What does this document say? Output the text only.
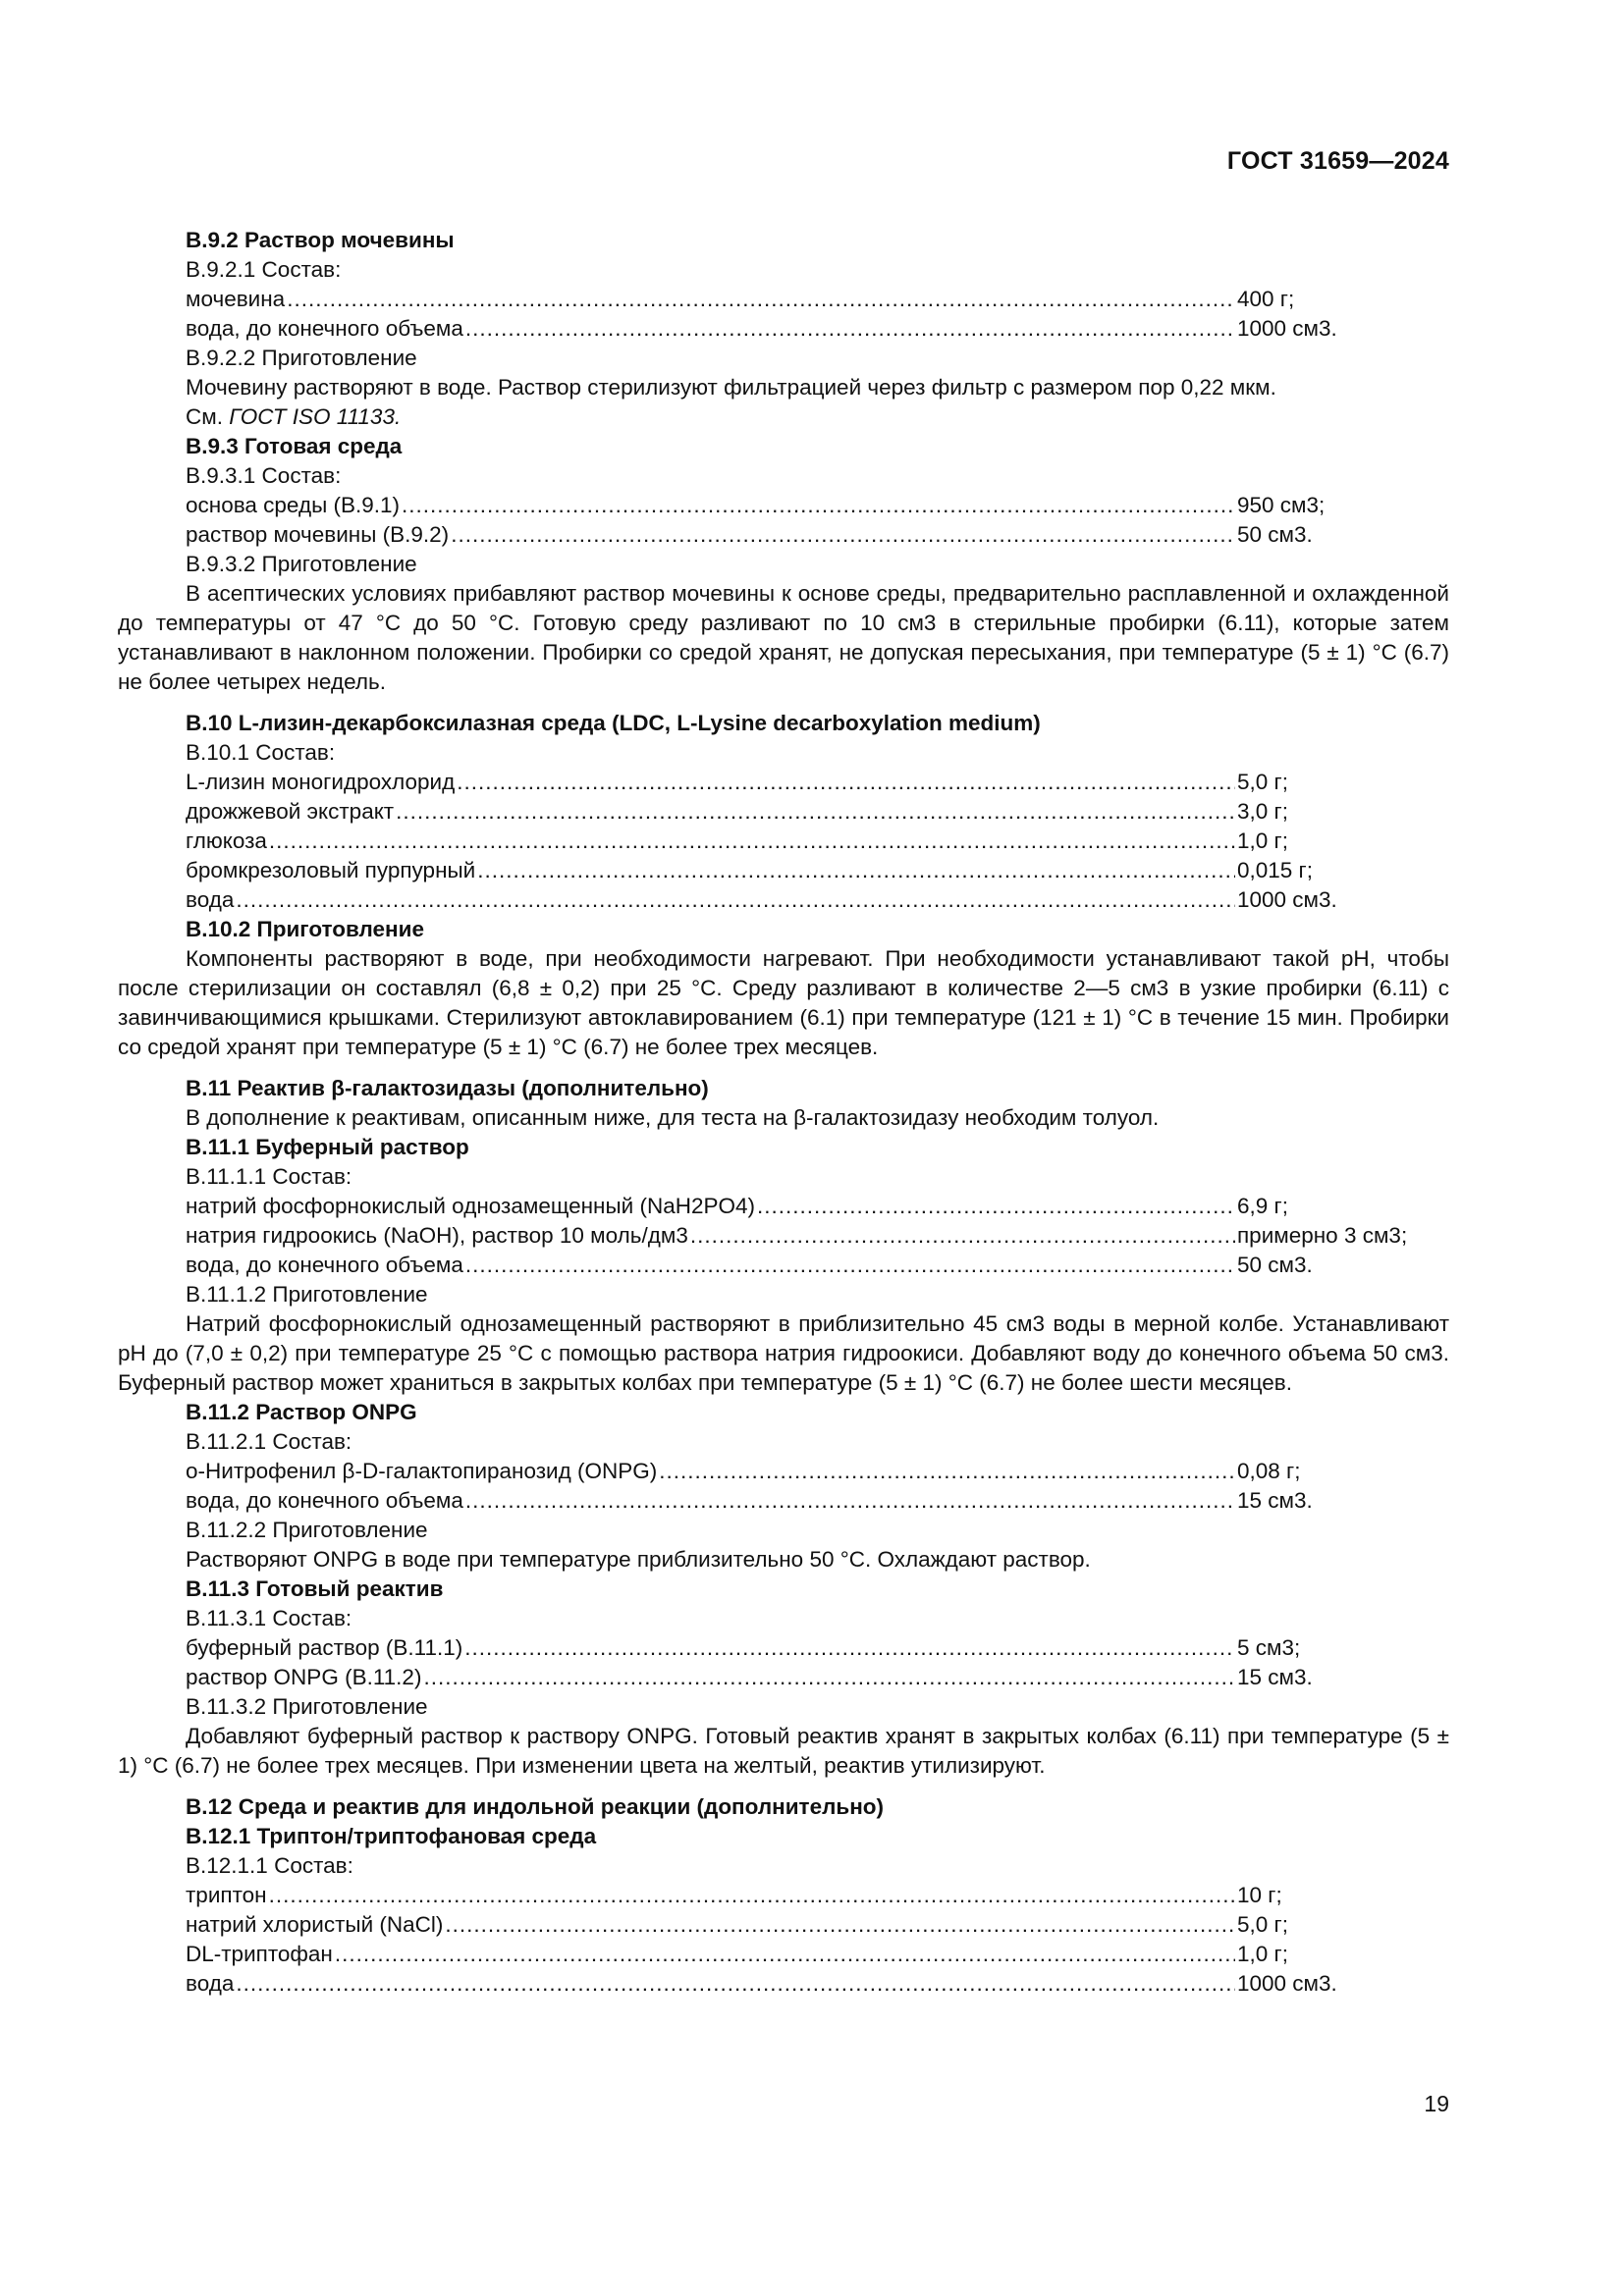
ГОСТ 31659—2024
B.9.2 Раствор мочевины
B.9.2.1 Состав:
мочевина .....	400 г;
вода, до конечного объема .....	1000 см3.
B.9.2.2 Приготовление
Мочевину растворяют в воде. Раствор стерилизуют фильтрацией через фильтр с размером пор 0,22 мкм.
См. ГОСТ ISO 11133.
B.9.3 Готовая среда
B.9.3.1 Состав:
основа среды (B.9.1) .....	950 см3;
раствор мочевины (B.9.2) .....	50 см3.
B.9.3.2 Приготовление
В асептических условиях прибавляют раствор мочевины к основе среды, предварительно расплавленной и охлажденной до температуры от 47 °С до 50 °С. Готовую среду разливают по 10 см3 в стерильные пробирки (6.11), которые затем устанавливают в наклонном положении. Пробирки со средой хранят, не допуская пересыхания, при температуре (5 ± 1) °С (6.7) не более четырех недель.
B.10 L-лизин-декарбоксилазная среда (LDC, L-Lysine decarboxylation medium)
B.10.1 Состав:
L-лизин моногидрохлорид .....	5,0 г;
дрожжевой экстракт .....	3,0 г;
глюкоза .....	1,0 г;
бромкрезоловый пурпурный .....	0,015 г;
вода .....	1000 см3.
B.10.2 Приготовление
Компоненты растворяют в воде, при необходимости нагревают. При необходимости устанавливают такой pH, чтобы после стерилизации он составлял (6,8 ± 0,2) при 25 °С. Среду разливают в количестве 2—5 см3 в узкие пробирки (6.11) с завинчивающимися крышками. Стерилизуют автоклавированием (6.1) при температуре (121 ± 1) °С в течение 15 мин. Пробирки со средой хранят при температуре (5 ± 1) °С (6.7) не более трех месяцев.
B.11 Реактив β-галактозидазы (дополнительно)
В дополнение к реактивам, описанным ниже, для теста на β-галактозидазу необходим толуол.
B.11.1 Буферный раствор
B.11.1.1 Состав:
натрий фосфорнокислый однозамещенный (NaH2PO4) .....	6,9 г;
натрия гидроокись (NaOH), раствор 10 моль/дм3 .....	примерно 3 см3;
вода, до конечного объема .....	50 см3.
B.11.1.2 Приготовление
Натрий фосфорнокислый однозамещенный растворяют в приблизительно 45 см3 воды в мерной колбе. Устанавливают pH до (7,0 ± 0,2) при температуре 25 °С с помощью раствора натрия гидроокиси. Добавляют воду до конечного объема 50 см3. Буферный раствор может храниться в закрытых колбах при температуре (5 ± 1) °С (6.7) не более шести месяцев.
B.11.2 Раствор ONPG
B.11.2.1 Состав:
о-Нитрофенил β-D-галактопиранозид (ONPG) .....	0,08 г;
вода, до конечного объема .....	15 см3.
B.11.2.2 Приготовление
Растворяют ONPG в воде при температуре приблизительно 50 °С. Охлаждают раствор.
B.11.3 Готовый реактив
B.11.3.1 Состав:
буферный раствор (B.11.1) .....	5 см3;
раствор ONPG (B.11.2) .....	15 см3.
B.11.3.2 Приготовление
Добавляют буферный раствор к раствору ONPG. Готовый реактив хранят в закрытых колбах (6.11) при температуре (5 ± 1) °С (6.7) не более трех месяцев. При изменении цвета на желтый, реактив утилизируют.
B.12 Среда и реактив для индольной реакции (дополнительно)
B.12.1 Триптон/триптофановая среда
B.12.1.1 Состав:
триптон .....	10 г;
натрий хлористый (NaCl) .....	5,0 г;
DL-триптофан .....	1,0 г;
вода .....	1000 см3.
19
